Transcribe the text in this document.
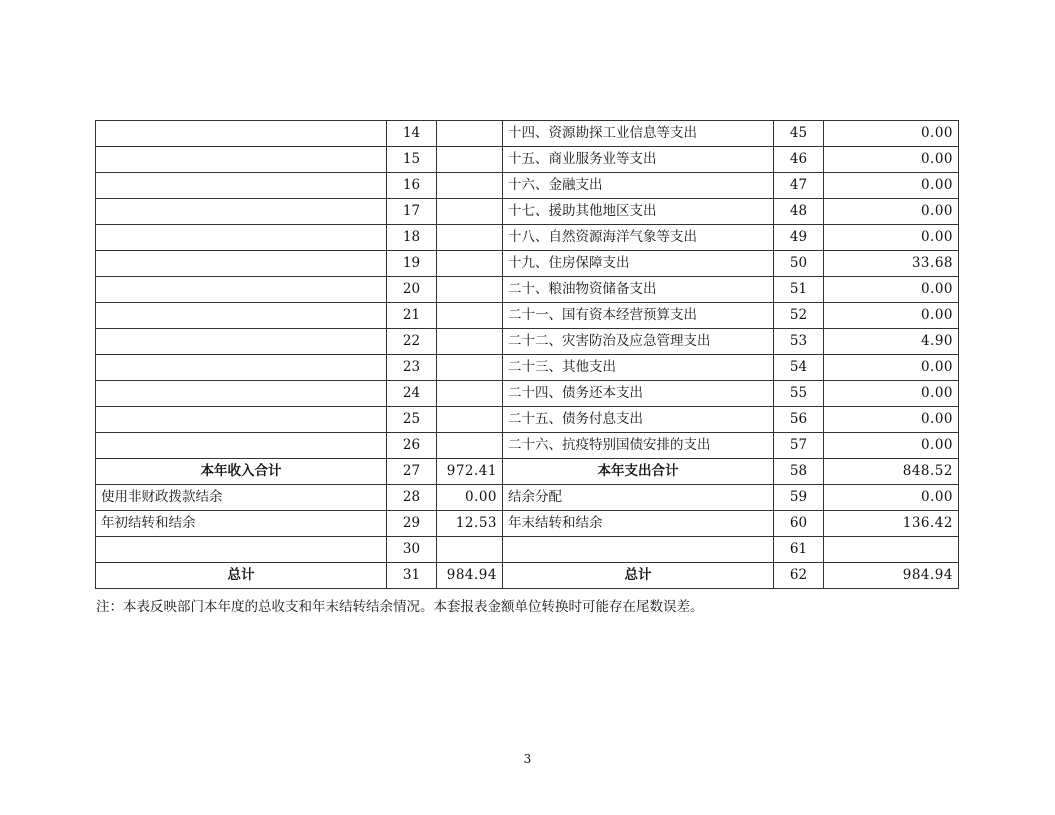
	14		十四、资源勘探工业信息等支出	45	0.00
	15		十五、商业服务业等支出	46	0.00
	16		十六、金融支出	47	0.00
	17		十七、援助其他地区支出	48	0.00
	18		十八、自然资源海洋气象等支出	49	0.00
	19		十九、住房保障支出	50	33.68
	20		二十、粮油物资储备支出	51	0.00
	21		二十一、国有资本经营预算支出	52	0.00
	22		二十二、灾害防治及应急管理支出	53	4.90
	23		二十三、其他支出	54	0.00
	24		二十四、债务还本支出	55	0.00
	25		二十五、债务付息支出	56	0.00
	26		二十六、抗疫特别国债安排的支出	57	0.00
本年收入合计	27	972.41	本年支出合计	58	848.52
使用非财政拨款结余	28	0.00	结余分配	59	0.00
年初结转和结余	29	12.53	年末结转和结余	60	136.42
	30			61	
总计	31	984.94	总计	62	984.94
注：本表反映部门本年度的总收支和年末结转结余情况。本套报表金额单位转换时可能存在尾数误差。
3
